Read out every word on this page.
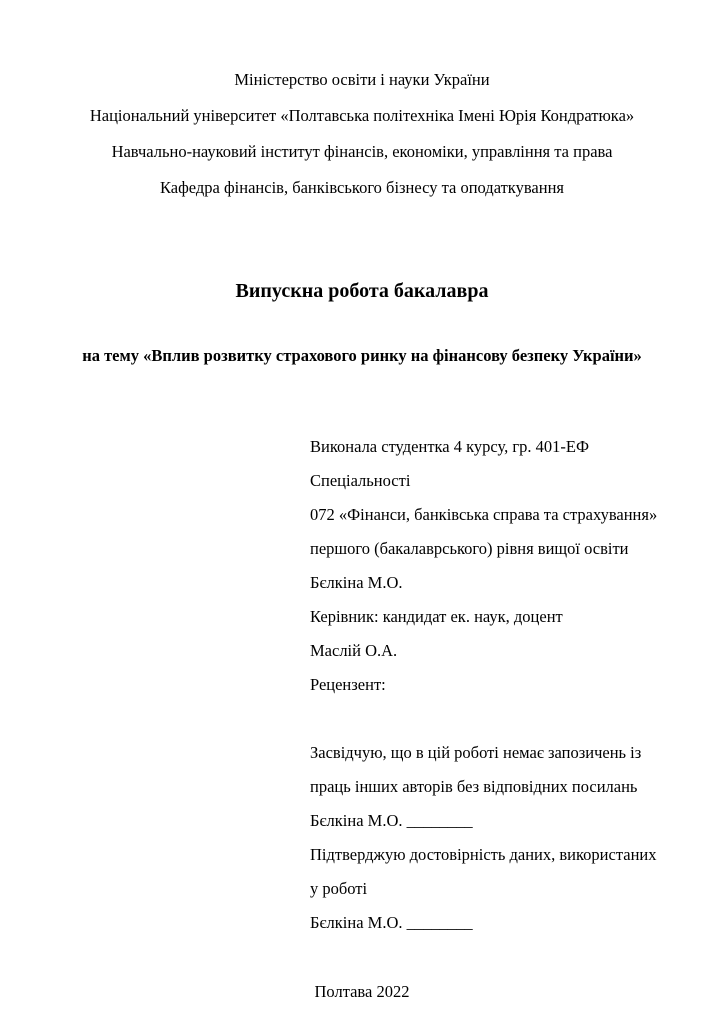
Міністерство освіти і науки України

Національний університет «Полтавська політехніка Імені Юрія Кондратюка»

Навчально-науковий інститут фінансів, економіки, управління та права

Кафедра фінансів, банківського бізнесу та оподаткування

Випускна робота бакалавра

на тему «Вплив розвитку страхового ринку на фінансову безпеку України»

Виконала студентка 4 курсу, гр. 401-ЕФ

Спеціальності

072 «Фінанси, банківська справа та страхування»

першого (бакалаврського) рівня вищої освіти

Бєлкіна М.О.

Керівник: кандидат ек. наук, доцент

Маслій О.А.

Рецензент:

Засвідчую, що в цій роботі немає запозичень із

праць інших авторів без відповідних посилань

Бєлкіна М.О. ________

Підтверджую достовірність даних, використаних

у роботі

Бєлкіна М.О. ________

Полтава 2022
